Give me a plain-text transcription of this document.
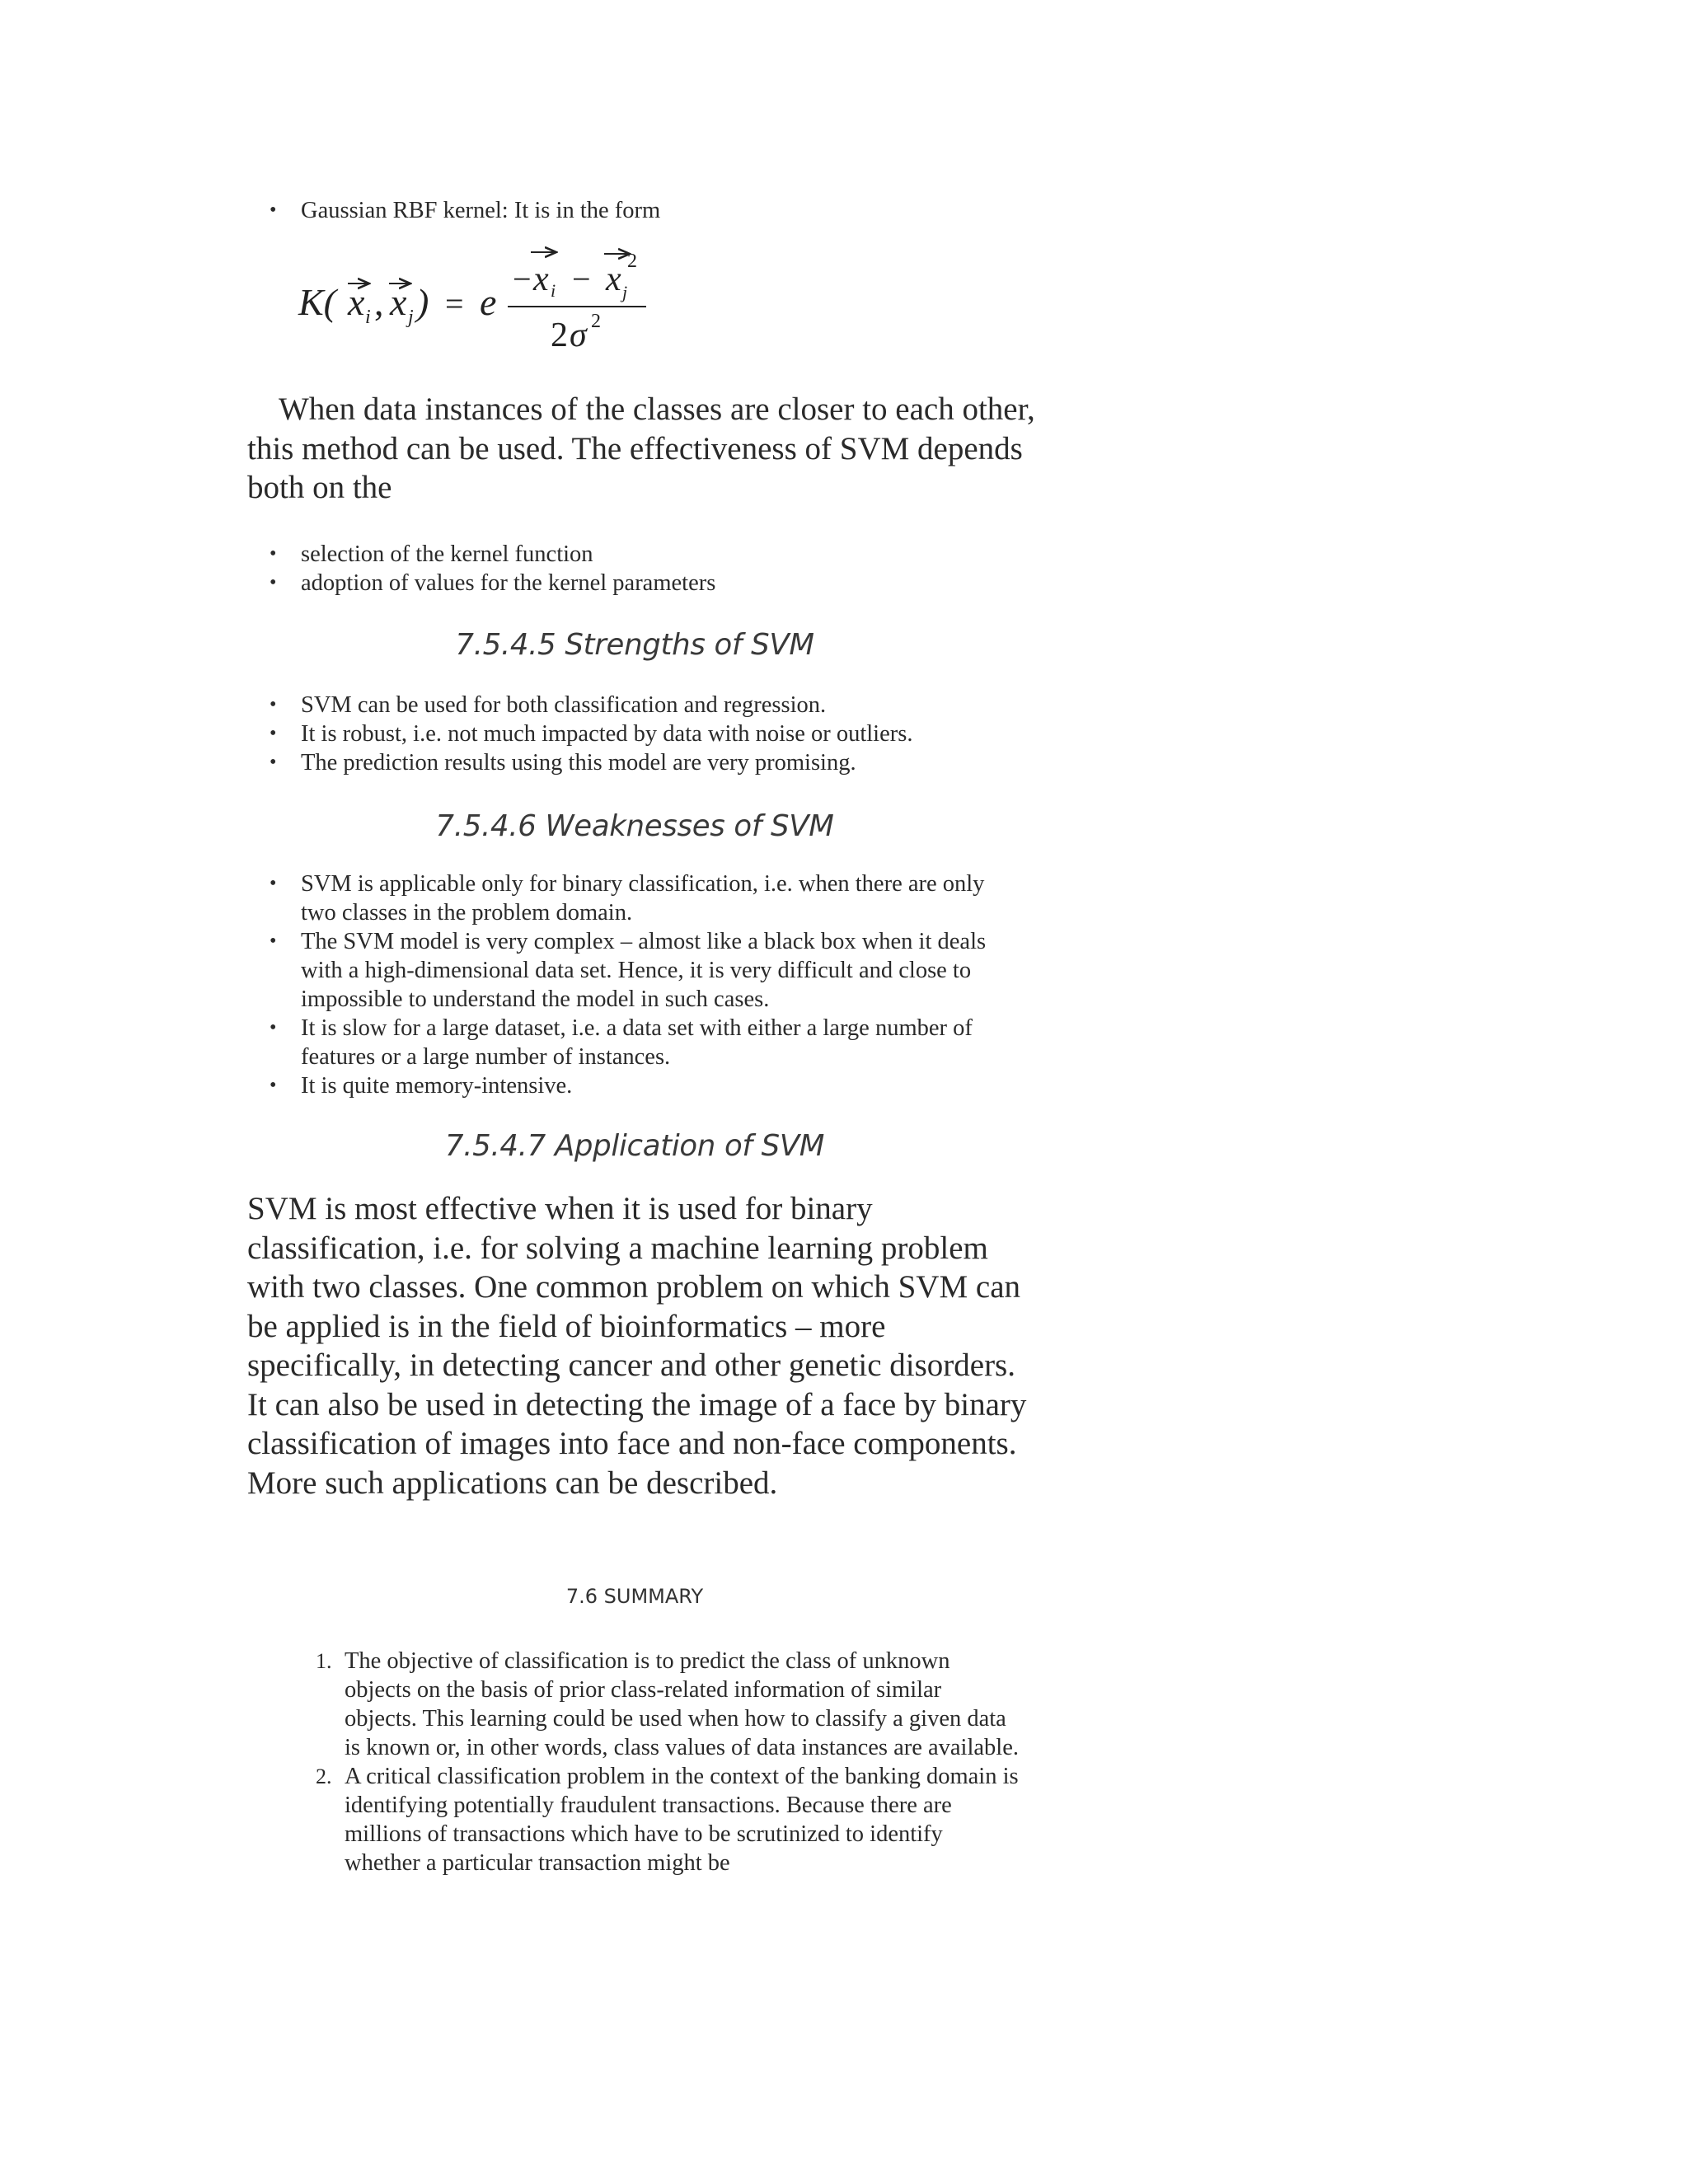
• Gaussian RBF kernel: It is in the form
K( x i , x j ) = e
− x i − x j
2
2 σ 2
When data instances of the classes are closer to each other, this method can be used. The effectiveness of SVM depends both on the
• selection of the kernel function
• adoption of values for the kernel parameters
7.5.4.5 Strengths of SVM
• SVM can be used for both classification and regression.
• It is robust, i.e. not much impacted by data with noise or outliers.
• The prediction results using this model are very promising.
7.5.4.6 Weaknesses of SVM
• SVM is applicable only for binary classification, i.e. when there are only two classes in the problem domain.
• The SVM model is very complex – almost like a black box when it deals with a high-dimensional data set. Hence, it is very difficult and close to impossible to understand the model in such cases.
• It is slow for a large dataset, i.e. a data set with either a large number of features or a large number of instances.
• It is quite memory-intensive.
7.5.4.7 Application of SVM
SVM is most effective when it is used for binary classification, i.e. for solving a machine learning problem with two classes. One common problem on which SVM can be applied is in the field of bioinformatics – more specifically, in detecting cancer and other genetic disorders. It can also be used in detecting the image of a face by binary classification of images into face and non-face components. More such applications can be described.
7.6 SUMMARY
1. The objective of classification is to predict the class of unknown objects on the basis of prior class-related information of similar objects. This learning could be used when how to classify a given data is known or, in other words, class values of data instances are available.
2. A critical classification problem in the context of the banking domain is identifying potentially fraudulent transactions. Because there are millions of transactions which have to be scrutinized to identify whether a particular transaction might be
